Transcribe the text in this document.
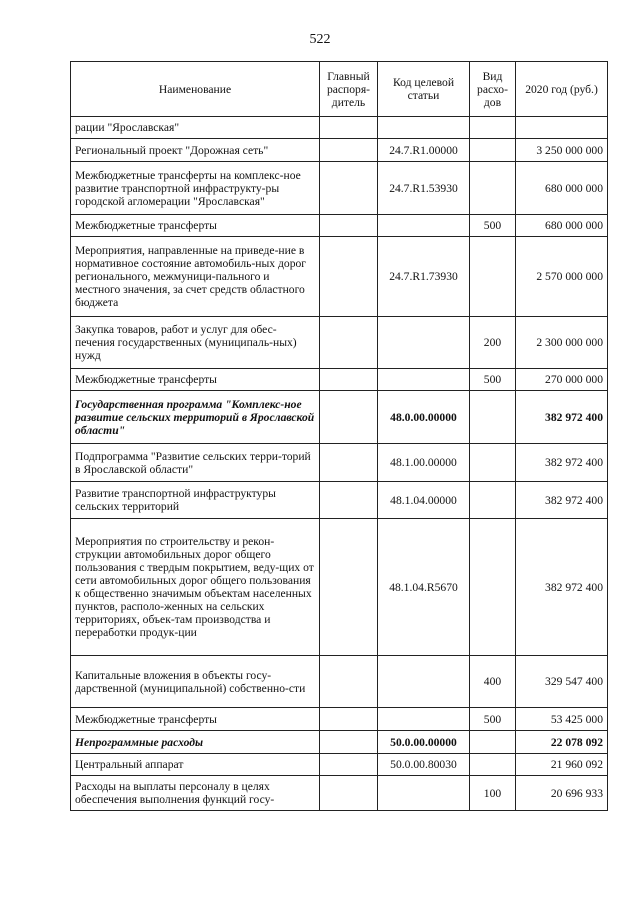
522
Наименование	Главный распоря-дитель	Код целевой статьи	Вид расхо-дов	2020 год (руб.)
рации "Ярославская"				
Региональный проект "Дорожная сеть"		24.7.R1.00000		3 250 000 000
Межбюджетные трансферты на комплекс-ное развитие транспортной инфраструкту-ры городской агломерации "Ярославская"		24.7.R1.53930		680 000 000
Межбюджетные трансферты			500	680 000 000
Мероприятия, направленные на приведе-ние в нормативное состояние автомобиль-ных дорог регионального, межмуници-пального и местного значения, за счет средств областного бюджета		24.7.R1.73930		2 570 000 000
Закупка товаров, работ и услуг для обес-печения государственных (муниципаль-ных) нужд			200	2 300 000 000
Межбюджетные трансферты			500	270 000 000
Государственная программа "Комплекс-ное развитие сельских территорий в Ярославской области"		48.0.00.00000		382 972 400
Подпрограмма "Развитие сельских терри-торий в Ярославской области"		48.1.00.00000		382 972 400
Развитие транспортной инфраструктуры сельских территорий		48.1.04.00000		382 972 400
Мероприятия по строительству и рекон-струкции автомобильных дорог общего пользования с твердым покрытием, веду-щих от сети автомобильных дорог общего пользования к общественно значимым объектам населенных пунктов, располо-женных на сельских территориях, объек-там производства и переработки продук-ции		48.1.04.R5670		382 972 400
Капитальные вложения в объекты госу-дарственной (муниципальной) собственно-сти			400	329 547 400
Межбюджетные трансферты			500	53 425 000
Непрограммные расходы		50.0.00.00000		22 078 092
Центральный аппарат		50.0.00.80030		21 960 092
Расходы на выплаты персоналу в целях обеспечения выполнения функций госу-			100	20 696 933
